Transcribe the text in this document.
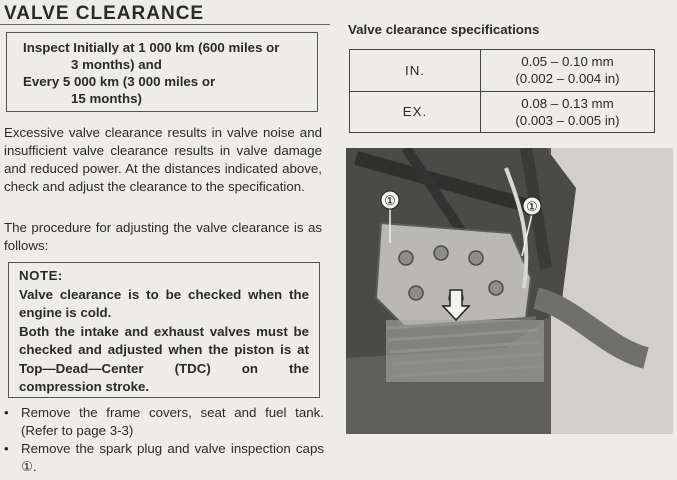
VALVE CLEARANCE
Inspect Initially at 1 000 km (600 miles or
3 months) and
Every 5 000 km (3 000 miles or
15 months)

Excessive valve clearance results in valve noise and insufficient valve clearance results in valve damage and reduced power. At the distances indicated above, check and adjust the clearance to the specification.

The procedure for adjusting the valve clearance is as follows:

NOTE:
Valve clearance is to be checked when the engine is cold.
Both the intake and exhaust valves must be checked and adjusted when the piston is at Top—Dead—Center (TDC) on the compression stroke.
• Remove the frame covers, seat and fuel tank. (Refer to page 3-3)
• Remove the spark plug and valve inspection caps ①.
Valve clearance specifications
IN.	0.05 – 0.10 mm
(0.002 – 0.004 in)

EX.	0.08 – 0.13 mm
(0.003 – 0.005 in)
①	①
